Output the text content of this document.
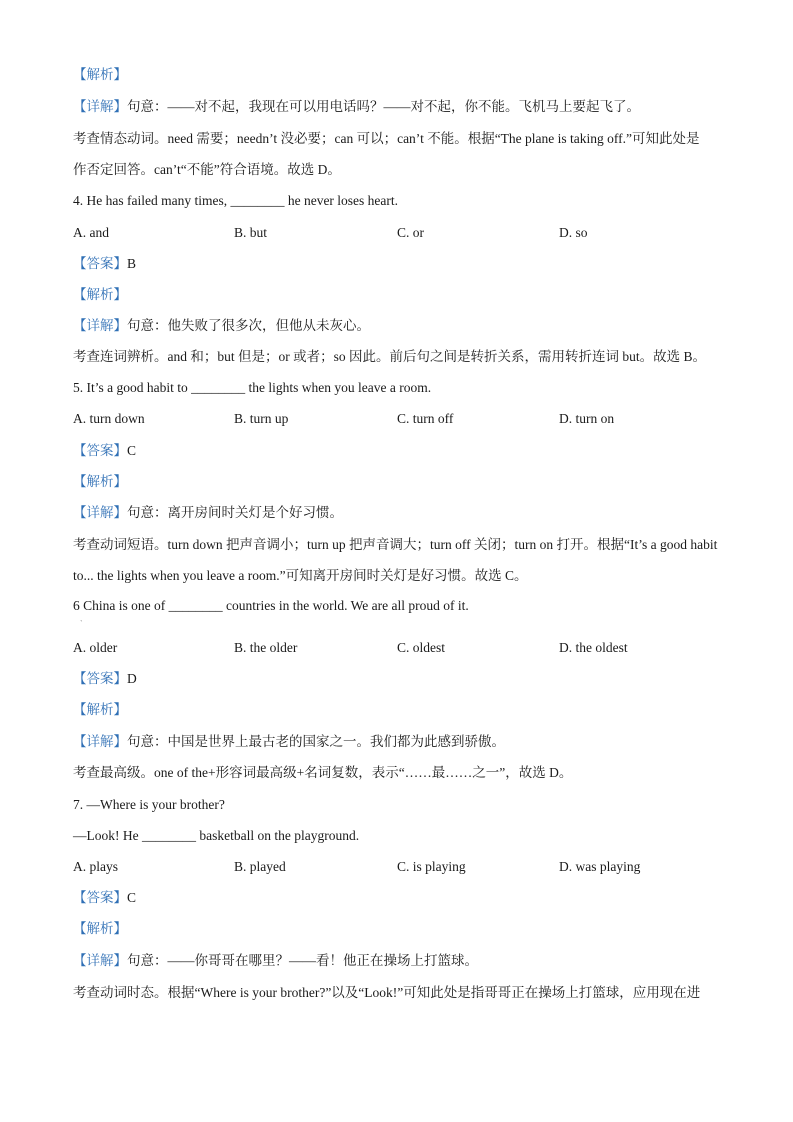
【解析】
【详解】句意：——对不起，我现在可以用电话吗？——对不起，你不能。飞机马上要起飞了。
考查情态动词。need 需要；needn’t 没必要；can 可以；can’t 不能。根据“The plane is taking off.”可知此处是
作否定回答。can’t“不能”符合语境。故选 D。
4. He has failed many times, ________ he never loses heart.
A. and	B. but	C. or	D. so
【答案】B
【解析】
【详解】句意：他失败了很多次，但他从未灰心。
考查连词辨析。and 和；but 但是；or 或者；so 因此。前后句之间是转折关系，需用转折连词 but。故选 B。
5. It’s a good habit to ________ the lights when you leave a room.
A. turn down	B. turn up	C. turn off	D. turn on
【答案】C
【解析】
【详解】句意：离开房间时关灯是个好习惯。
考查动词短语。turn down 把声音调小；turn up 把声音调大；turn off 关闭；turn on 打开。根据“It’s a good habit
to... the lights when you leave a room.”可知离开房间时关灯是好习惯。故选 C。
6 China is one of ________ countries in the world. We are all proud of it.
`
A. older	B. the older	C. oldest	D. the oldest
【答案】D
【解析】
【详解】句意：中国是世界上最古老的国家之一。我们都为此感到骄傲。
考查最高级。one of the+形容词最高级+名词复数，表示“……最……之一”，故选 D。
7. —Where is your brother?
—Look! He ________ basketball on the playground.
A. plays	B. played	C. is playing	D. was playing
【答案】C
【解析】
【详解】句意：——你哥哥在哪里？——看！他正在操场上打篮球。
考查动词时态。根据“Where is your brother?”以及“Look!”可知此处是指哥哥正在操场上打篮球，应用现在进
